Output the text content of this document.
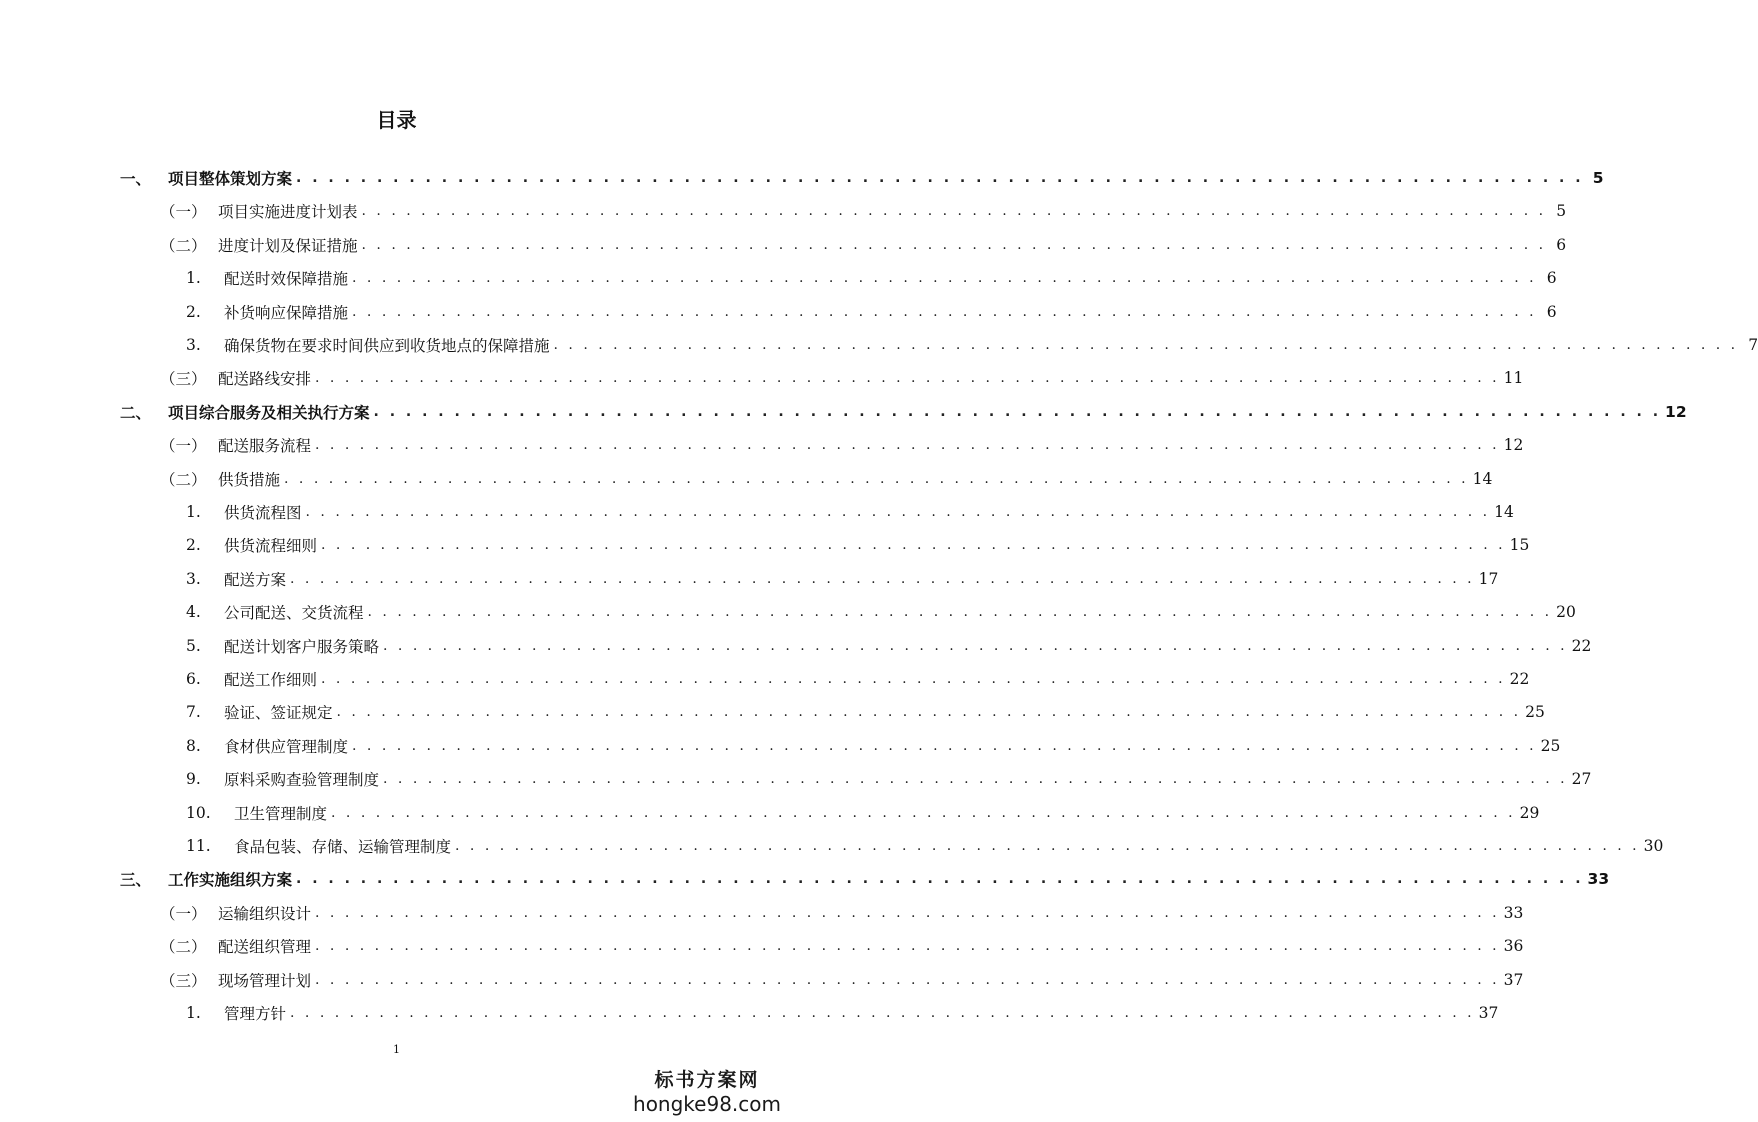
目录
一、	项目整体策划方案 . . . . . . . . . . . . . . . . . . . . . . . . . . . . . . . . . . . . . . . . . . . . . . . . . . . . . . . . . . . . . . . . . . . . . . . . . . . . . . . . 5
（一） 项目实施进度计划表 . . . . . . . . . . . . . . . . . . . . . . . . . . . . . . . . . . . . . . . . . . . . . . . . . . . . . . . . . . . . . . . . . . . . . . . . . . . . . . . . 5
（二） 进度计划及保证措施 . . . . . . . . . . . . . . . . . . . . . . . . . . . . . . . . . . . . . . . . . . . . . . . . . . . . . . . . . . . . . . . . . . . . . . . . . . . . . . . . 6
1.	配送时效保障措施 . . . . . . . . . . . . . . . . . . . . . . . . . . . . . . . . . . . . . . . . . . . . . . . . . . . . . . . . . . . . . . . . . . . . . . . . . . . . . . . . 6
2.	补货响应保障措施 . . . . . . . . . . . . . . . . . . . . . . . . . . . . . . . . . . . . . . . . . . . . . . . . . . . . . . . . . . . . . . . . . . . . . . . . . . . . . . . . 6
3.	确保货物在要求时间供应到收货地点的保障措施 . . . . . . . . . . . . . . . . . . . . . . . . . . . . . . . . . . . . . . . . . . . . . . . . . . . . . . . . . . . . . . . . . . . . . . . . . . . . . . . . 7
（三） 配送路线安排 . . . . . . . . . . . . . . . . . . . . . . . . . . . . . . . . . . . . . . . . . . . . . . . . . . . . . . . . . . . . . . . . . . . . . . . . . . . . . . . . 11
二、	项目综合服务及相关执行方案 . . . . . . . . . . . . . . . . . . . . . . . . . . . . . . . . . . . . . . . . . . . . . . . . . . . . . . . . . . . . . . . . . . . . . . . . . . . . . . . . 12
（一） 配送服务流程 . . . . . . . . . . . . . . . . . . . . . . . . . . . . . . . . . . . . . . . . . . . . . . . . . . . . . . . . . . . . . . . . . . . . . . . . . . . . . . . . 12
（二） 供货措施 . . . . . . . . . . . . . . . . . . . . . . . . . . . . . . . . . . . . . . . . . . . . . . . . . . . . . . . . . . . . . . . . . . . . . . . . . . . . . . . . 14
1.	供货流程图 . . . . . . . . . . . . . . . . . . . . . . . . . . . . . . . . . . . . . . . . . . . . . . . . . . . . . . . . . . . . . . . . . . . . . . . . . . . . . . . . 14
2.	供货流程细则 . . . . . . . . . . . . . . . . . . . . . . . . . . . . . . . . . . . . . . . . . . . . . . . . . . . . . . . . . . . . . . . . . . . . . . . . . . . . . . . . 15
3.	配送方案 . . . . . . . . . . . . . . . . . . . . . . . . . . . . . . . . . . . . . . . . . . . . . . . . . . . . . . . . . . . . . . . . . . . . . . . . . . . . . . . . 17
4.	公司配送、交货流程 . . . . . . . . . . . . . . . . . . . . . . . . . . . . . . . . . . . . . . . . . . . . . . . . . . . . . . . . . . . . . . . . . . . . . . . . . . . . . . . . 20
5.	配送计划客户服务策略 . . . . . . . . . . . . . . . . . . . . . . . . . . . . . . . . . . . . . . . . . . . . . . . . . . . . . . . . . . . . . . . . . . . . . . . . . . . . . . . . 22
6.	配送工作细则 . . . . . . . . . . . . . . . . . . . . . . . . . . . . . . . . . . . . . . . . . . . . . . . . . . . . . . . . . . . . . . . . . . . . . . . . . . . . . . . . 22
7.	验证、签证规定 . . . . . . . . . . . . . . . . . . . . . . . . . . . . . . . . . . . . . . . . . . . . . . . . . . . . . . . . . . . . . . . . . . . . . . . . . . . . . . . . 25
8.	食材供应管理制度 . . . . . . . . . . . . . . . . . . . . . . . . . . . . . . . . . . . . . . . . . . . . . . . . . . . . . . . . . . . . . . . . . . . . . . . . . . . . . . . . 25
9.	原料采购查验管理制度 . . . . . . . . . . . . . . . . . . . . . . . . . . . . . . . . . . . . . . . . . . . . . . . . . . . . . . . . . . . . . . . . . . . . . . . . . . . . . . . . 27
10.	卫生管理制度 . . . . . . . . . . . . . . . . . . . . . . . . . . . . . . . . . . . . . . . . . . . . . . . . . . . . . . . . . . . . . . . . . . . . . . . . . . . . . . . . 29
11.	食品包装、存储、运输管理制度 . . . . . . . . . . . . . . . . . . . . . . . . . . . . . . . . . . . . . . . . . . . . . . . . . . . . . . . . . . . . . . . . . . . . . . . . . . . . . . . . 30
三、	工作实施组织方案 . . . . . . . . . . . . . . . . . . . . . . . . . . . . . . . . . . . . . . . . . . . . . . . . . . . . . . . . . . . . . . . . . . . . . . . . . . . . . . . . 33
（一） 运输组织设计 . . . . . . . . . . . . . . . . . . . . . . . . . . . . . . . . . . . . . . . . . . . . . . . . . . . . . . . . . . . . . . . . . . . . . . . . . . . . . . . . 33
（二） 配送组织管理 . . . . . . . . . . . . . . . . . . . . . . . . . . . . . . . . . . . . . . . . . . . . . . . . . . . . . . . . . . . . . . . . . . . . . . . . . . . . . . . . 36
（三） 现场管理计划 . . . . . . . . . . . . . . . . . . . . . . . . . . . . . . . . . . . . . . . . . . . . . . . . . . . . . . . . . . . . . . . . . . . . . . . . . . . . . . . . 37
1.	管理方针 . . . . . . . . . . . . . . . . . . . . . . . . . . . . . . . . . . . . . . . . . . . . . . . . . . . . . . . . . . . . . . . . . . . . . . . . . . . . . . . . 37
1
标书方案网
hongke98.com
